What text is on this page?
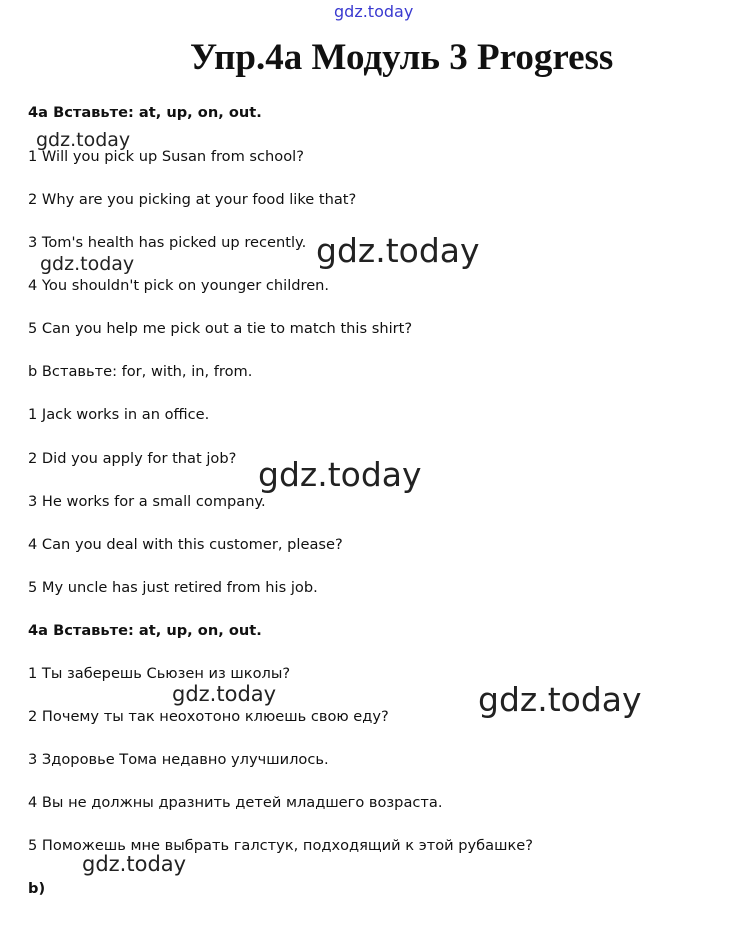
gdz.today
gdz.today
gdz.today	gdz.today
gdz.today
gdz.today	gdz.today
gdz.today
Упр.4a Модуль 3 Progress
4a Вставьте: at, up, on, out.
1 Will you pick up Susan from school?
2 Why are you picking at your food like that?
3 Tom's health has picked up recently.
4 You shouldn't pick on younger children.
5 Can you help me pick out a tie to match this shirt?
b Вставьте: for, with, in, from.
1 Jack works in an office.
2 Did you apply for that job?
3 He works for a small company.
4 Can you deal with this customer, please?
5 My uncle has just retired from his job.
4a Вставьте: at, up, on, out.
1 Ты заберешь Сьюзен из школы?
2 Почему ты так неохотоно клюешь свою еду?
3 Здоровье Тома недавно улучшилось.
4 Вы не должны дразнить детей младшего возраста.
5 Поможешь мне выбрать галстук, подходящий к этой рубашке?
b)
